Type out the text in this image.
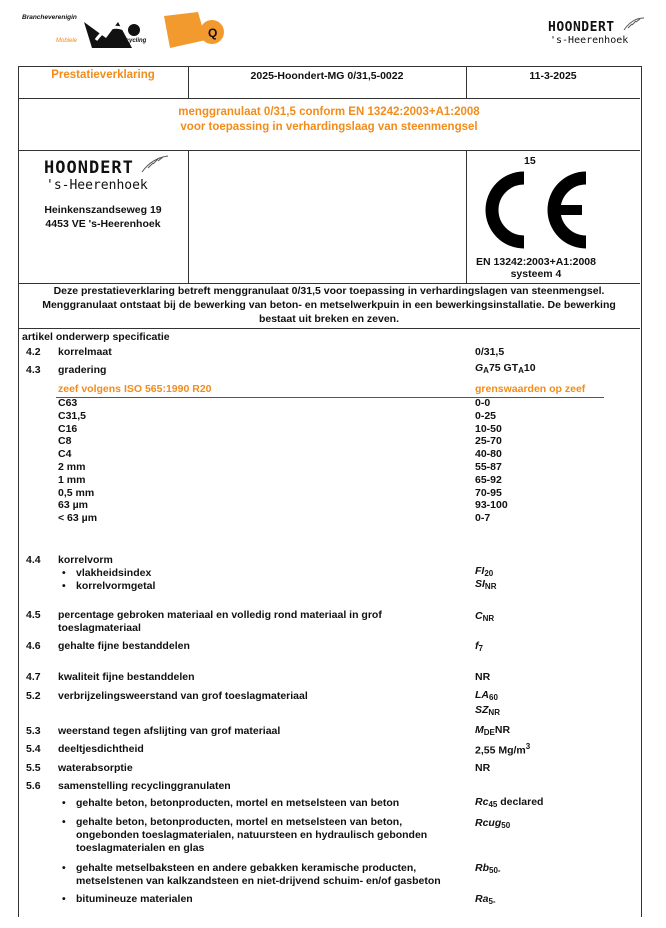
Brancheverenigin
Mobiele	Recycling
Q	HOONDERT
's-Heerenhoek
Prestatieverklaring	2025-Hoondert-MG 0/31,5-0022	11-3-2025
menggranulaat 0/31,5 conform EN 13242:2003+A1:2008
voor toepassing in verhardingslaag van steenmengsel
HOONDERT
's-Heerenhoek
Heinkenszandseweg 19
4453 VE 's-Heerenhoek
15
EN 13242:2003+A1:2008
systeem 4
Deze prestatieverklaring betreft menggranulaat 0/31,5 voor toepassing in verhardingslagen van steenmengsel.
Menggranulaat ontstaat bij de bewerking van beton- en metselwerkpuin in een bewerkingsinstallatie. De bewerking
bestaat uit breken en zeven.
artikel onderwerp specificatie
4.2 korrelmaat	0/31,5
4.3 gradering	$G_A75$ $GT_A10$
zeef volgens ISO 565:1990 R20	grenswaarden op zeef
C63	0-0
C31,5	0-25
C16	10-50
C8	25-70
C4	40-80
2 mm	55-87
1 mm	65-92
0,5 mm	70-95
63 µm	93-100
< 63 µm	0-7
4.4 korrelvorm
• vlakheidsindex	$FI_{20}$
• korrelvormgetal	$SI_{NR}$
4.5 percentage gebroken materiaal en volledig rond materiaal in grof
toeslagmateriaal
$C_{NR}$
4.6 gehalte fijne bestanddelen	$f_7$
4.7 kwaliteit fijne bestanddelen	NR
5.2 verbrijzelingsweerstand van grof toeslagmateriaal	$LA_{60}$
$SZ_{NR}$
5.3 weerstand tegen afslijting van grof materiaal	$M_{DE}NR$
5.4 deeltjesdichtheid	2,55 $Mg/m^3$
5.5 waterabsorptie	NR
5.6 samenstelling recyclinggranulaten
• gehalte beton, betonproducten, mortel en metselsteen van beton	$Rc_{45}$ declared
• gehalte beton, betonproducten, mortel en metselsteen van beton,
ongebonden toeslagmaterialen, natuursteen en hydraulisch gebonden
toeslagmaterialen en glas
Rcug$_{50}$
• gehalte metselbaksteen en andere gebakken keramische producten,
metselstenen van kalkzandsteen en niet-drijvend schuim- en/of gasbeton
$Rb_{50-}$
• bitumineuze materialen	$Ra_{5-}$
